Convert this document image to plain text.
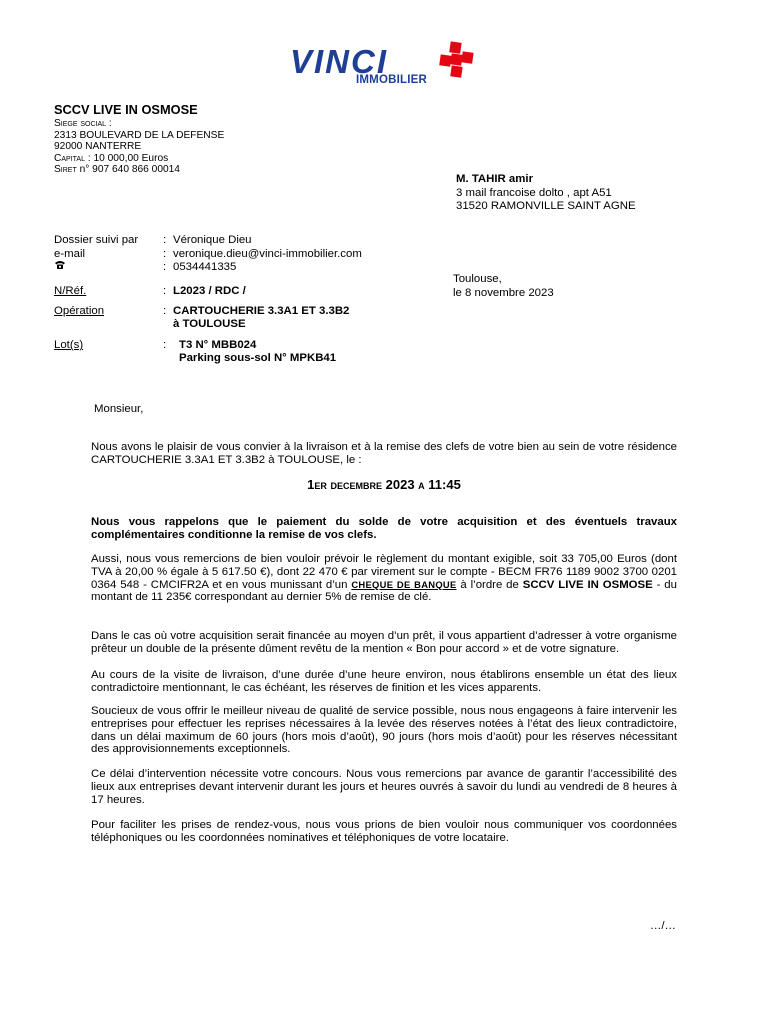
VINCI
IMMOBILIER
SCCV LIVE IN OSMOSE
Siege social :
2313 BOULEVARD DE LA DEFENSE
92000 NANTERRE
Capital : 10 000,00 Euros
Siret n° 907 640 866 00014
M. TAHIR amir
3 mail francoise dolto , apt A51
31520 RAMONVILLE SAINT AGNE
Dossier suivi par : Véronique Dieu
e-mail	: veronique.dieu@vinci-immobilier.com
: 0534441335
N/Réf.	: L2023 / RDC /
Opération	: CARTOUCHERIE 3.3A1 ET 3.3B2
à TOULOUSE
Lot(s)	: T3 N° MBB024
Parking sous-sol N° MPKB41
Toulouse,
le 8 novembre 2023
Monsieur,
Nous avons le plaisir de vous convier à la livraison et à la remise des clefs de votre bien au sein de votre résidence CARTOUCHERIE 3.3A1 ET 3.3B2 à TOULOUSE, le :
1er decembre 2023 a 11:45
Nous vous rappelons que le paiement du solde de votre acquisition et des éventuels travaux complémentaires conditionne la remise de vos clefs.
Aussi, nous vous remercions de bien vouloir prévoir le règlement du montant exigible, soit 33 705,00 Euros (dont TVA à 20,00 % égale à 5 617.50 €), dont 22 470 € par virement sur le compte - BECM FR76 1189 9002 3700 0201 0364 548 - CMCIFR2A et en vous munissant d’un CHEQUE DE BANQUE à l’ordre de SCCV LIVE IN OSMOSE - du montant de 11 235€ correspondant au dernier 5% de remise de clé.
Dans le cas où votre acquisition serait financée au moyen d’un prêt, il vous appartient d’adresser à votre organisme prêteur un double de la présente dûment revêtu de la mention « Bon pour accord » et de votre signature.
Au cours de la visite de livraison, d’une durée d’une heure environ, nous établirons ensemble un état des lieux contradictoire mentionnant, le cas échéant, les réserves de finition et les vices apparents.
Soucieux de vous offrir le meilleur niveau de qualité de service possible, nous nous engageons à faire intervenir les entreprises pour effectuer les reprises nécessaires à la levée des réserves notées à l’état des lieux contradictoire, dans un délai maximum de 60 jours (hors mois d’août), 90 jours (hors mois d’août) pour les réserves nécessitant des approvisionnements exceptionnels.
Ce délai d’intervention nécessite votre concours. Nous vous remercions par avance de garantir l’accessibilité des lieux aux entreprises devant intervenir durant les jours et heures ouvrés à savoir du lundi au vendredi de 8 heures à 17 heures.
Pour faciliter les prises de rendez-vous, nous vous prions de bien vouloir nous communiquer vos coordonnées téléphoniques ou les coordonnées nominatives et téléphoniques de votre locataire.
…/…
